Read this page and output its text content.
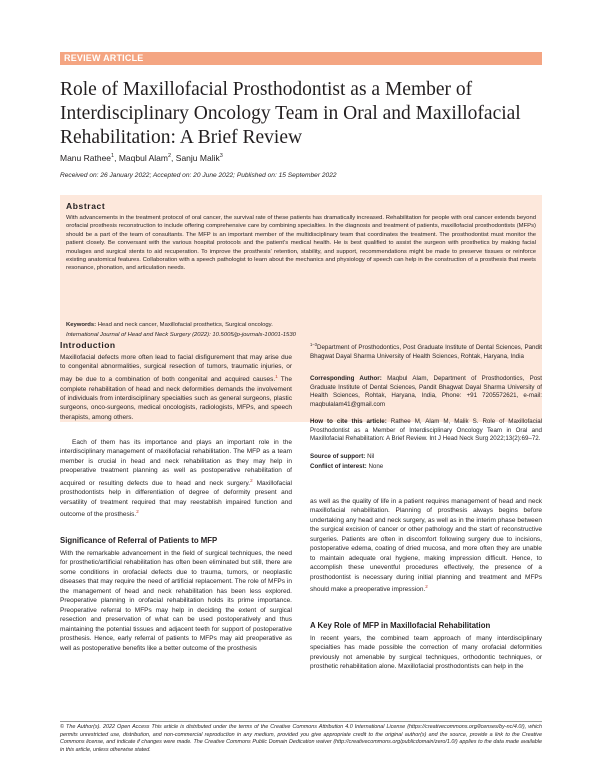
REVIEW ARTICLE
Role of Maxillofacial Prosthodontist as a Member of Interdisciplinary Oncology Team in Oral and Maxillofacial Rehabilitation: A Brief Review
Manu Rathee$^1$, Maqbul Alam$^2$, Sanju Malik$^3$
Received on: 26 January 2022; Accepted on: 20 June 2022; Published on: 15 September 2022
Abstract

With advancements in the treatment protocol of oral cancer, the survival rate of these patients has dramatically increased. Rehabilitation for people with oral cancer extends beyond orofacial prosthesis reconstruction to include offering comprehensive care by combining specialties. In the diagnosis and treatment of patients, maxillofacial prosthodontists (MFPs) should be a part of the team of consultants. The MFP is an important member of the multidisciplinary team that coordinates the treatment. The prosthodontist must monitor the patient closely. Be conversant with the various hospital protocols and the patient’s medical health. He is best qualified to assist the surgeon with prosthetics by making facial moulages and surgical stents to aid recuperation. To improve the prosthesis’ retention, stability, and support, recommendations might be made to preserve tissues or reinforce existing anatomical features. Collaboration with a speech pathologist to learn about the mechanics and physiology of speech can help in the construction of a prosthesis that meets resonance, phonation, and articulation needs.

Keywords: Head and neck cancer, Maxillofacial prosthetics, Surgical oncology.

International Journal of Head and Neck Surgery (2022): 10.5005/jp-journals-10001-1530

Introduction

Maxillofacial defects more often lead to facial disfigurement that may arise due to congenital abnormalities, surgical resection of tumors, traumatic injuries, or may be due to a combination of both congenital and acquired causes.$^1$ The complete rehabilitation of head and neck deformities demands the involvement of individuals from interdisciplinary specialties such as general surgeons, plastic surgeons, onco-surgeons, medical oncologists, radiologists, MFPs, and speech therapists, among others.

Each of them has its importance and plays an important role in the interdisciplinary management of maxillofacial rehabilitation. The MFP as a team member is crucial in head and neck rehabilitation as they may help in preoperative treatment planning as well as postoperative rehabilitation of acquired or resulting defects due to head and neck surgery.$^2$ Maxillofacial prosthodontists help in differentiation of degree of deformity present and versatility of treatment required that may reestablish impaired function and outcome of the prosthesis.$^2$

Significance of Referral of Patients to MFP

With the remarkable advancement in the field of surgical techniques, the need for prosthetic/artificial rehabilitation has often been eliminated but still, there are some conditions in orofacial defects due to trauma, tumors, or neoplastic diseases that may require the need of artificial replacement. The role of MFPs in the management of head and neck rehabilitation has been less explored. Preoperative planning in orofacial rehabilitation holds its prime importance. Preoperative referral to MFPs may help in deciding the extent of surgical resection and preservation of what can be used postoperatively and thus maintaining the potential tissues and adjacent teeth for support of postoperative prosthesis. Hence, early referral of patients to MFPs may aid preoperative as well as postoperative benefits like a better outcome of the prosthesis

$^{1-3}$Department of Prosthodontics, Post Graduate Institute of Dental Sciences, Pandit Bhagwat Dayal Sharma University of Health Sciences, Rohtak, Haryana, India

Corresponding Author: Maqbul Alam, Department of Prosthodontics, Post Graduate Institute of Dental Sciences, Pandit Bhagwat Dayal Sharma University of Health Sciences, Rohtak, Haryana, India, Phone: +91 7205572621, e-mail: maqbulalam41@gmail.com

How to cite this article: Rathee M, Alam M, Malik S. Role of Maxillofacial Prosthodontist as a Member of Interdisciplinary Oncology Team in Oral and Maxillofacial Rehabilitation: A Brief Review. Int J Head Neck Surg 2022;13(2):69–72.

Source of support: Nil

Conflict of interest: None

as well as the quality of life in a patient requires management of head and neck maxillofacial rehabilitation. Planning of prosthesis always begins before undertaking any head and neck surgery, as well as in the interim phase between the surgical excision of cancer or other pathology and the start of reconstructive surgeries. Patients are often in discomfort following surgery due to incisions, postoperative edema, coating of dried mucosa, and more often they are unable to maintain adequate oral hygiene, making impression difficult. Hence, to accomplish these uneventful procedures effectively, the presence of a prosthodontist is necessary during initial planning and treatment and MFPs should make a preoperative impression.$^2$

A Key Role of MFP in Maxillofacial Rehabilitation

In recent years, the combined team approach of many interdisciplinary specialties has made possible the correction of many orofacial deformities previously not amenable by surgical techniques, orthodontic techniques, or prosthetic rehabilitation alone. Maxillofacial prosthodontists can help in the

© The Author(s). 2022 Open Access This article is distributed under the terms of the Creative Commons Attribution 4.0 International License (https://creativecommons.org/licenses/by-nc/4.0/), which permits unrestricted use, distribution, and non-commercial reproduction in any medium, provided you give appropriate credit to the original author(s) and the source, provide a link to the Creative Commons license, and indicate if changes were made. The Creative Commons Public Domain Dedication waiver (http://creativecommons.org/publicdomain/zero/1.0/) applies to the data made available in this article, unless otherwise stated.
